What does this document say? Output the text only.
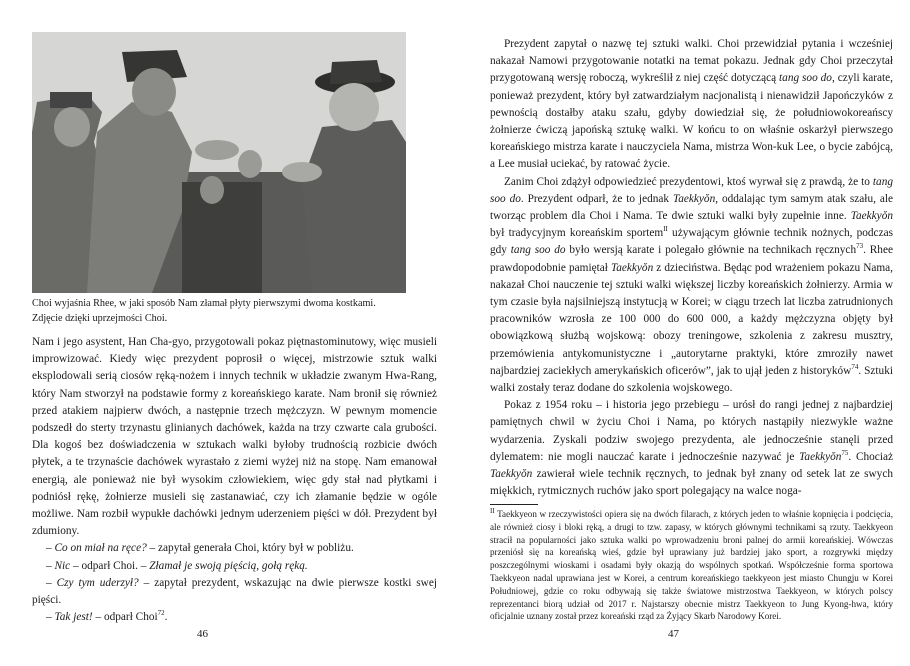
Choi wyjaśnia Rhee, w jaki sposób Nam złamał płyty pierwszymi dwoma kostkami.
Zdjęcie dzięki uprzejmości Choi.

Nam i jego asystent, Han Cha-gyo, przygotowali pokaz piętnastominutowy, więc musieli improwizować. Kiedy więc prezydent poprosił o więcej, mistrzowie sztuk walki eksplodowali serią ciosów ręką-nożem i innych technik w układzie zwanym Hwa-Rang, który Nam stworzył na podstawie formy z koreańskiego karate. Nam bronił się również przed atakiem najpierw dwóch, a następnie trzech mężczyzn. W pewnym momencie podszedł do sterty trzynastu glinianych dachówek, każda na trzy czwarte cala grubości. Dla kogoś bez doświadczenia w sztukach walki byłoby trudnością rozbicie dwóch płytek, a te trzynaście dachówek wyrastało z ziemi wyżej niż na stopę. Nam emanował energią, ale ponieważ nie był wysokim człowiekiem, więc gdy stał nad płytkami i podniósł rękę, żołnierze musieli się zastanawiać, czy ich złamanie będzie w ogóle możliwe. Nam rozbił wypukłe dachówki jednym uderzeniem pięści w dół. Prezydent był zdumiony.

– Co on miał na ręce? – zapytał generała Choi, który był w pobliżu.

– Nic – odparł Choi. – Złamał je swoją pięścią, gołą ręką.

– Czy tym uderzył? – zapytał prezydent, wskazując na dwie pierwsze kostki swej pięści.

– Tak jest! – odparł Choi$^{72}$.

46

Prezydent zapytał o nazwę tej sztuki walki. Choi przewidział pytania i wcześniej nakazał Namowi przygotowanie notatki na temat pokazu. Jednak gdy Choi przeczytał przygotowaną wersję roboczą, wykreślił z niej część dotyczącą tang soo do, czyli karate, ponieważ prezydent, który był zatwardziałym nacjonalistą i nienawidził Japończyków z pewnością dostałby ataku szału, gdyby dowiedział się, że południowokoreańscy żołnierze ćwiczą japońską sztukę walki. W końcu to on właśnie oskarżył pierwszego koreańskiego mistrza karate i nauczyciela Nama, mistrza Won-kuk Lee, o bycie zabójcą, a Lee musiał uciekać, by ratować życie.

Zanim Choi zdążył odpowiedzieć prezydentowi, ktoś wyrwał się z prawdą, że to tang soo do. Prezydent odparł, że to jednak Taekkyŏn, oddalając tym samym atak szału, ale tworząc problem dla Choi i Nama. Te dwie sztuki walki były zupełnie inne. Taekkyŏn był tradycyjnym koreańskim sportem$^{II}$ używającym głównie technik nożnych, podczas gdy tang soo do było wersją karate i polegało głównie na technikach ręcznych$^{73}$. Rhee prawdopodobnie pamiętał Taekkyŏn z dzieciństwa. Będąc pod wrażeniem pokazu Nama, nakazał Choi nauczenie tej sztuki walki większej liczby koreańskich żołnierzy. Armia w tym czasie była najsilniejszą instytucją w Korei; w ciągu trzech lat liczba zatrudnionych pracowników wzrosła ze 100 000 do 600 000, a każdy mężczyzna objęty był obowiązkową służbą wojskową: obozy treningowe, szkolenia z zakresu musztry, przemówienia antykomunistyczne i „autorytarne praktyki, które zmroziły nawet najbardziej zaciekłych amerykańskich oficerów”, jak to ujął jeden z historyków$^{74}$. Sztuki walki zostały teraz dodane do szkolenia wojskowego.

Pokaz z 1954 roku – i historia jego przebiegu – urósł do rangi jednej z najbardziej pamiętnych chwil w życiu Choi i Nama, po których nastąpiły niezwykle ważne wydarzenia. Zyskali podziw swojego prezydenta, ale jednocześnie stanęli przed dylematem: nie mogli nauczać karate i jednocześnie nazywać je Taekkyŏn$^{75}$. Chociaż Taekkyŏn zawierał wiele technik ręcznych, to jednak był znany od setek lat ze swych miękkich, rytmicznych ruchów jako sport polegający na walce noga-

$^{II}$ Taekkyeon w rzeczywistości opiera się na dwóch filarach, z których jeden to właśnie kopnięcia i podcięcia, ale również ciosy i bloki ręką, a drugi to tzw. zapasy, w których głównymi technikami są rzuty. Taekkyeon stracił na popularności jako sztuka walki po wprowadzeniu broni palnej do armii koreańskiej. Wówczas przeniósł się na koreańską wieś, gdzie był uprawiany już bardziej jako sport, a rozgrywki między poszczególnymi wioskami i osadami były okazją do wspólnych spotkań. Współcześnie forma sportowa Taekkyeon nadal uprawiana jest w Korei, a centrum koreańskiego taekkyeon jest miasto Chungju w Korei Południowej, gdzie co roku odbywają się także światowe mistrzostwa Taekkyeon, w których polscy reprezentanci biorą udział od 2017 r. Najstarszy obecnie mistrz Taekkyeon to Jung Kyong-hwa, który oficjalnie uznany został przez koreański rząd za Żyjący Skarb Narodowy Korei.
47
